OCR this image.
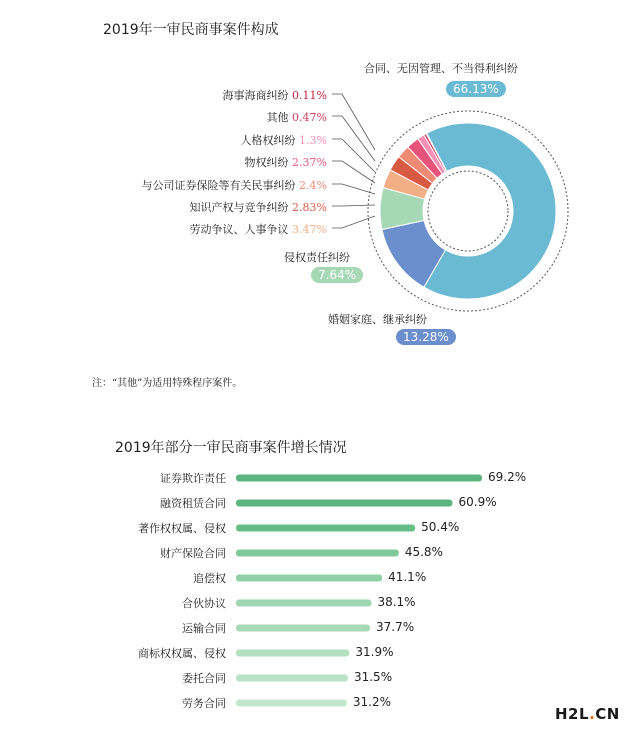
2019年一审民商事案件构成
海事海商纠纷 0.11%
其他 0.47%
人格权纠纷 1.3%
物权纠纷 2.37%
与公司证券保险等有关民事纠纷 2.4%
知识产权与竞争纠纷 2.83%
劳动争议、人事争议 3.47%
合同、无因管理、不当得利纠纷
66.13%
侵权责任纠纷
7.64%
婚姻家庭、继承纠纷
13.28%
注：“其他”为适用特殊程序案件。
2019年部分一审民商事案件增长情况
证券欺诈责任	69.2%
融资租赁合同	60.9%
著作权权属、侵权	50.4%
财产保险合同	45.8%
追偿权	41.1%
合伙协议	38.1%
运输合同	37.7%
商标权权属、侵权	31.9%
委托合同	31.5%
劳务合同	31.2%
H2L.CN
